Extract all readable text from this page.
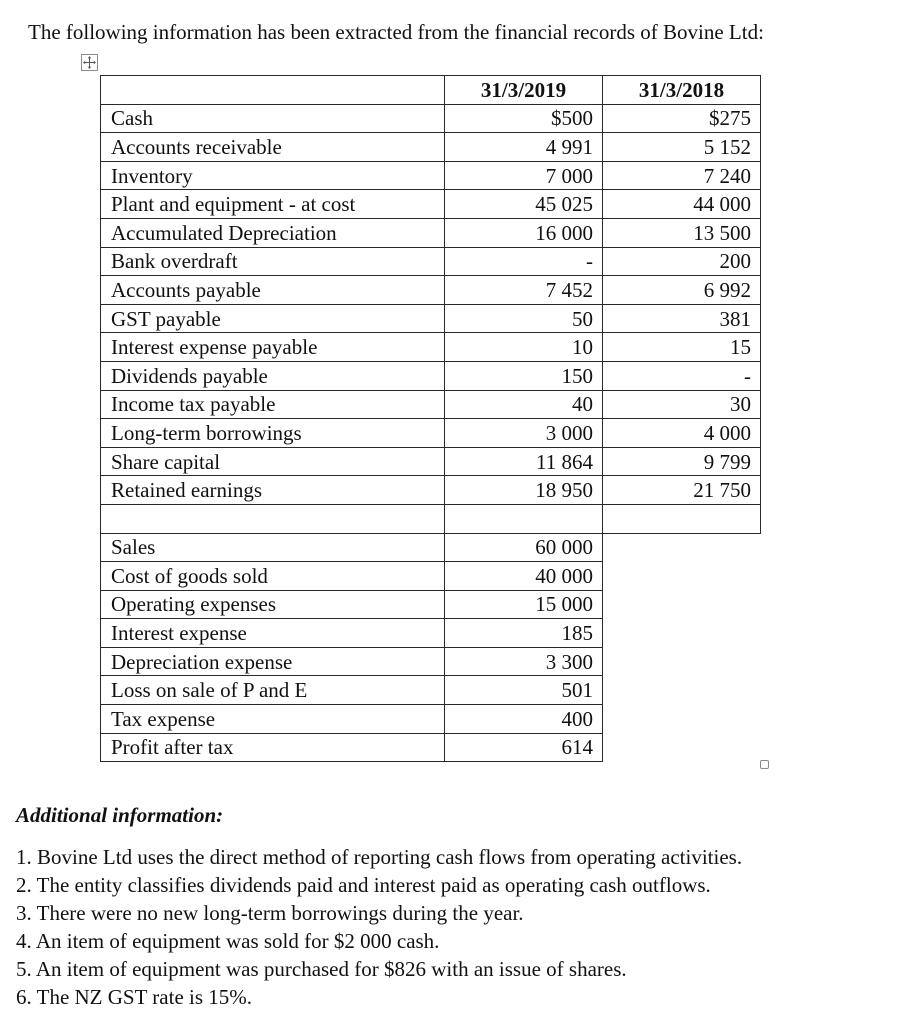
The following information has been extracted from the financial records of Bovine Ltd:

	31/3/2019	31/3/2018
Cash	$500	$275
Accounts receivable	4 991	5 152
Inventory	7 000	7 240
Plant and equipment - at cost	45 025	44 000
Accumulated Depreciation	16 000	13 500
Bank overdraft	-	200
Accounts payable	7 452	6 992
GST payable	50	381
Interest expense payable	10	15
Dividends payable	150	-
Income tax payable	40	30
Long-term borrowings	3 000	4 000
Share capital	11 864	9 799
Retained earnings	18 950	21 750

Sales	60 000	
Cost of goods sold	40 000	
Operating expenses	15 000	
Interest expense	185	
Depreciation expense	3 300	
Loss on sale of P and E	501	
Tax expense	400	
Profit after tax	614	
Additional information:
1. Bovine Ltd uses the direct method of reporting cash flows from operating activities.
2. The entity classifies dividends paid and interest paid as operating cash outflows.
3. There were no new long-term borrowings during the year.
4. An item of equipment was sold for $2 000 cash.
5. An item of equipment was purchased for $826 with an issue of shares.
6. The NZ GST rate is 15%.
